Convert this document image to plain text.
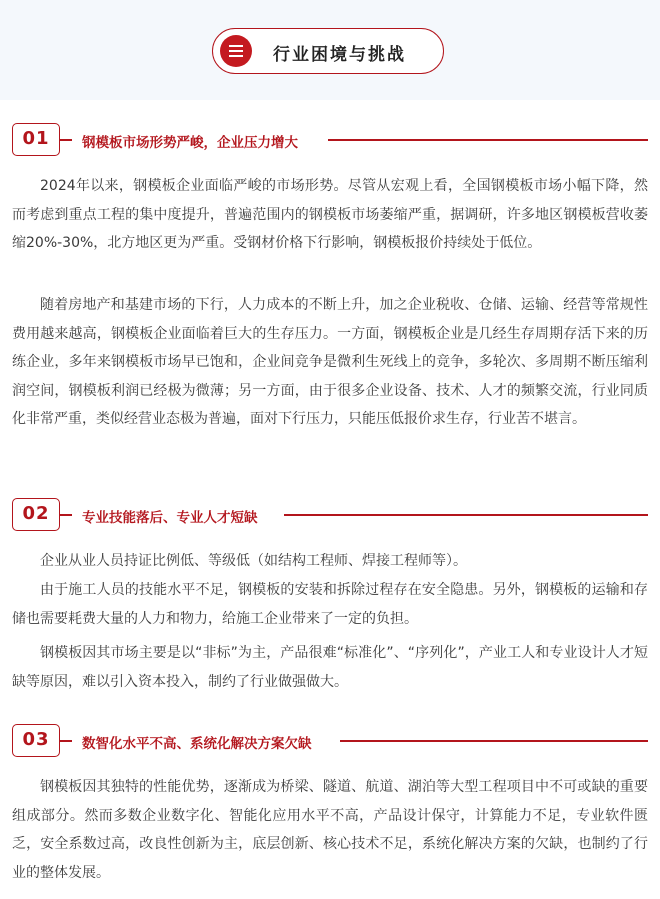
行业困境与挑战
01	钢模板市场形势严峻，企业压力增大

2024年以来，钢模板企业面临严峻的市场形势。尽管从宏观上看，全国钢模板市场小幅下降，然而考虑到重点工程的集中度提升，普遍范围内的钢模板市场萎缩严重，据调研，许多地区钢模板营收萎缩20%-30%，北方地区更为严重。受钢材价格下行影响，钢模板报价持续处于低位。

随着房地产和基建市场的下行，人力成本的不断上升，加之企业税收、仓储、运输、经营等常规性费用越来越高，钢模板企业面临着巨大的生存压力。一方面，钢模板企业是几经生存周期存活下来的历练企业，多年来钢模板市场早已饱和，企业间竞争是微利生死线上的竞争，多轮次、多周期不断压缩利润空间，钢模板利润已经极为微薄；另一方面，由于很多企业设备、技术、人才的频繁交流，行业同质化非常严重，类似经营业态极为普遍，面对下行压力，只能压低报价求生存，行业苦不堪言。

02	专业技能落后、专业人才短缺

企业从业人员持证比例低、等级低（如结构工程师、焊接工程师等）。

由于施工人员的技能水平不足，钢模板的安装和拆除过程存在安全隐患。另外，钢模板的运输和存储也需要耗费大量的人力和物力，给施工企业带来了一定的负担。

钢模板因其市场主要是以“非标”为主，产品很难“标准化”、“序列化”，产业工人和专业设计人才短缺等原因，难以引入资本投入，制约了行业做强做大。

03	数智化水平不高、系统化解决方案欠缺

钢模板因其独特的性能优势，逐渐成为桥梁、隧道、航道、湖泊等大型工程项目中不可或缺的重要组成部分。然而多数企业数字化、智能化应用水平不高，产品设计保守，计算能力不足，专业软件匮乏，安全系数过高，改良性创新为主，底层创新、核心技术不足，系统化解决方案的欠缺，也制约了行业的整体发展。
